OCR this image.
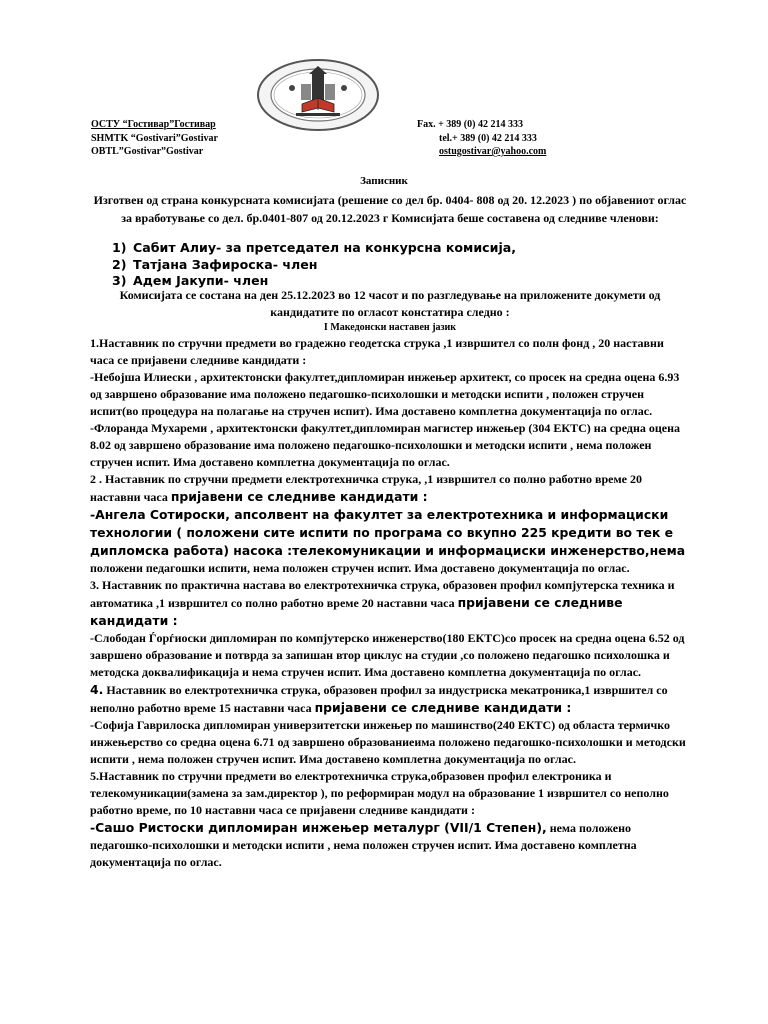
ОСТУ “Гостивар”Гостивар
SHMTK “Gostivari”Gostivar
OBTL”Gostivar”Gostivar
Fax. + 389 (0) 42 214 333
tel.+ 389 (0) 42 214 333
ostugostivar@yahoo.com
Записник
Изготвен од страна конкурсната комисијата (решение со дел бр. 0404- 808 од 20. 12.2023 ) по објавениот оглас за вработување со дел. бр.0401-807 од 20.12.2023 г Комисијата беше составена од следниве членови:
1) Сабит Алиу- за претседател на конкурсна комисија,
2) Татјана Зафироска- член
3) Адем Јакупи- член

Комисијата се состана на ден 25.12.2023 во 12 часот и по разгледување на приложените докумети од кандидатите по огласот констатира следно :

I Македонски наставен јазик

1.Наставник по стручни предмети во градежно геодетска струка ,1 извршител со полн фонд , 20 наставни часа се пријавени следниве кандидати :

-Небојша Илиески , архитектонски факултет,дипломиран инжењер архитект, со просек на средна оцена 6.93 од завршено образование има положено педагошко-психолошки и методски испити , положен стручен испит(во процедура на полагање на стручен испит). Има доставено комплетна документација по оглас.

-Флоранда Мухареми , архитектонски факултет,дипломиран магистер инжењер (304 ЕКТС) на средна оцена 8.02 од завршено образование има положено педагошко-психолошки и методски испити , нема положен стручен испит. Има доставено комплетна документација по оглас.

2 . Наставник по стручни предмети електротехничка струка, ,1 извршител со полно работно време 20 наставни часа пријавени се следниве кандидати :

-Ангела Сотироски, апсолвент на факултет за електротехника и информациски технологии ( положени сите испити по програма со вкупно 225 кредити во тек е дипломска работа) насока :телекомуникации и информациски инженерство,нема положени педагошки испити, нема положен стручен испит. Има доставено документација по оглас.

3. Наставник по практична настава во електротехничка струка, образoвен профил компјутерска техника и автоматика ,1 извршител со полно работно време 20 наставни часа пријавени се следниве кандидати :

-Слободан Ѓорѓиоски дипломиран по компјутерско инженерство(180 ЕКТС)со просек на средна оцена 6.52 од завршено образование и потврда за запишан втор циклус на студии ,со положено педагошко психолошка и методска доквалификација и нема стручен испит. Има доставено комплетна документација по оглас.

4. Наставник во електротехничка струка, образовен профил за индустриска мекатроника,1 извршител со неполно работно време 15 наставни часа пријавени се следниве кандидати :

-Софија Гаврилоска дипломиран универзитетски инжењер по машинство(240 ЕКТС) од областа термичко инжењерство со средна оцена 6.71 од завршено образованиеима положено педагошко-психолошки и методски испити , нема положен стручен испит. Има доставено комплетна документација по оглас.

5.Наставник по стручни предмети во електротехничка струка,образовен профил електроника и телекомуникации(замена за зам.директор ), по реформиран модул на образование 1 извршител со неполно работно време, по 10 наставни часа се пријавени следниве кандидати :

-Сашо Ристоски дипломиран инжењер металург (VII/1 Степен), нема положено педагошко-психолошки и методски испити , нема положен стручен испит. Има доставено комплетна документација по оглас.
